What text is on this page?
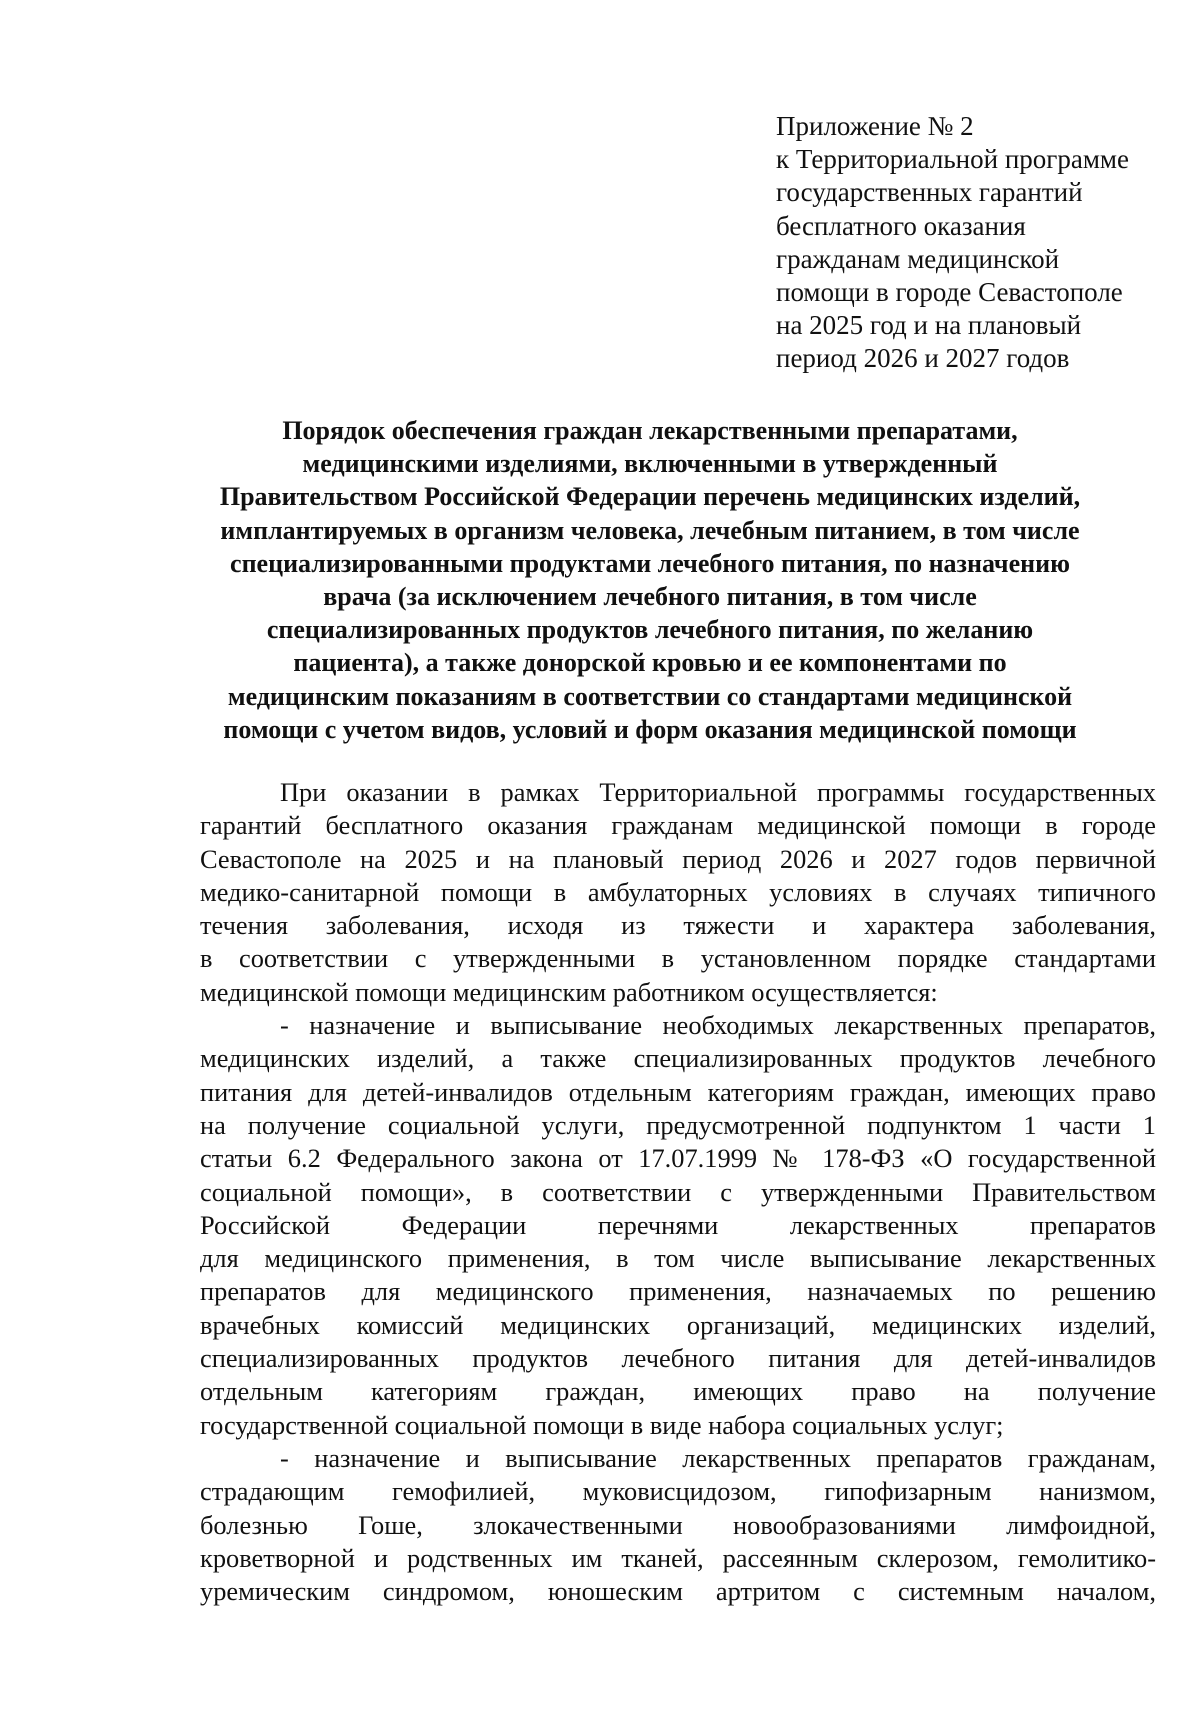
Приложение № 2
к Территориальной программе
государственных гарантий
бесплатного оказания
гражданам медицинской
помощи в городе Севастополе
на 2025 год и на плановый
период 2026 и 2027 годов
Порядок обеспечения граждан лекарственными препаратами,
медицинскими изделиями, включенными в утвержденный
Правительством Российской Федерации перечень медицинских изделий,
имплантируемых в организм человека, лечебным питанием, в том числе
специализированными продуктами лечебного питания, по назначению
врача (за исключением лечебного питания, в том числе
специализированных продуктов лечебного питания, по желанию
пациента), а также донорской кровью и ее компонентами по
медицинским показаниям в соответствии со стандартами медицинской
помощи с учетом видов, условий и форм оказания медицинской помощи
При оказании в рамках Территориальной программы государственных
гарантий бесплатного оказания гражданам медицинской помощи в городе
Севастополе на 2025 и на плановый период 2026 и 2027 годов первичной
медико-санитарной помощи в амбулаторных условиях в случаях типичного
течения заболевания, исходя из тяжести и характера заболевания,
в соответствии с утвержденными в установленном порядке стандартами
медицинской помощи медицинским работником осуществляется:
- назначение и выписывание необходимых лекарственных препаратов,
медицинских изделий, а также специализированных продуктов лечебного
питания для детей-инвалидов отдельным категориям граждан, имеющих право
на получение социальной услуги, предусмотренной подпунктом 1 части 1
статьи 6.2 Федерального закона от 17.07.1999 № 178-ФЗ «О государственной
социальной помощи», в соответствии с утвержденными Правительством
Российской Федерации перечнями лекарственных препаратов
для медицинского применения, в том числе выписывание лекарственных
препаратов для медицинского применения, назначаемых по решению
врачебных комиссий медицинских организаций, медицинских изделий,
специализированных продуктов лечебного питания для детей-инвалидов
отдельным категориям граждан, имеющих право на получение
государственной социальной помощи в виде набора социальных услуг;
- назначение и выписывание лекарственных препаратов гражданам,
страдающим гемофилией, муковисцидозом, гипофизарным нанизмом,
болезнью Гоше, злокачественными новообразованиями лимфоидной,
кроветворной и родственных им тканей, рассеянным склерозом, гемолитико-
уремическим синдромом, юношеским артритом с системным началом,
